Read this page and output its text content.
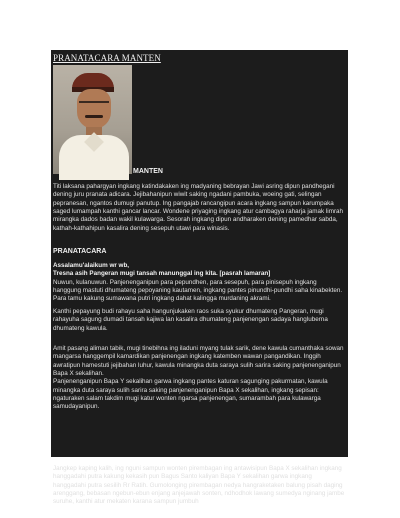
PRANATACARA MANTEN
MANTEN

Titi laksana pahargyan ingkang katindakaken ing madyaning bebrayan Jawi asring dipun pandhegani dening juru pranata adicara. Jejibahanipun wiwit saking ngadani pambuka, woeing gati, selingan pepranesan, ngantos dumugi panutup. Ing pangajab rancangipun acara ingkang sampun karumpaka saged lumampah kanthi gancar lancar. Wondene priyaging ingkang atur cambagya raharja jamak limrah mirangka dados badan wakil kulawarga. Sesorah ingkang dipun andharaken dening pamedhar sabda, kathah-kathahipun kasalira dening sesepuh utawi para winasis.

PRANATACARA

Assalamu'alaikum wr wb,

Tresna asih Pangeran mugi tansah manunggal ing kita. [pasrah lamaran]

Nuwun, kulanuwun. Panjenenganipun para pepundhen, para sesepuh, para pinisepuh ingkang hanggung mastuti dhumateng pepoyaning kautamen, ingkang pantes pinundhi-pundhi saha kinabekten. Para tamu kakung sumawana putri ingkang dahat kalingga murdaning akrami.

Kanthi pepayung budi rahayu saha hangunjukaken raos suka syukur dhumateng Pangeran, mugi rahayuha sagung dumadi tansah kajiwa lan kasalira dhumateng panjenengan sadaya hangluberna dhumateng kawula.

Amit pasang aliman tabik, mugi tinebihna ing iladuni myang tulak sarik, dene kawula cumanthaka sowan mangarsa hanggempil kamardikan panjenengan ingkang katemben wawan pangandikan. Inggih awratipun hamestuti jejibahan luhur, kawula minangka duta saraya sulih sarira saking panjenenganipun Bapa X sekalihan.
Panjenenganipun Bapa Y sekalihan garwa ingkang pantes katuran sagunging pakurmatan, kawula minangka duta saraya sulih sarira saking panjenenganipun Bapa X sekalihan, ingkang sepisan: ngaturaken salam takdim mugi katur wonten ngarsa panjenengan, sumarambah para kulawarga samudayanipun.

Jangkep kaping kalih, ing nguni sampun wonten pirembagan ing antawisipun Bapa X sekalihan ingkang hanggadahi putra kakung kekasih pun Bagus Santo kaliyan Bapa Y sekalihan garwa ingkang hanggadahi putra sesilih Rr Ratih. Gumolonging pirembagan nedya hangraketaken balung pisah daging arenggang, bebasan ngebun-ebun enjang anjejawah sonten, ndhodhok lawang sumedya nginang jambe suruhe, kanthi atur mekaten karana sampun jumbuh
